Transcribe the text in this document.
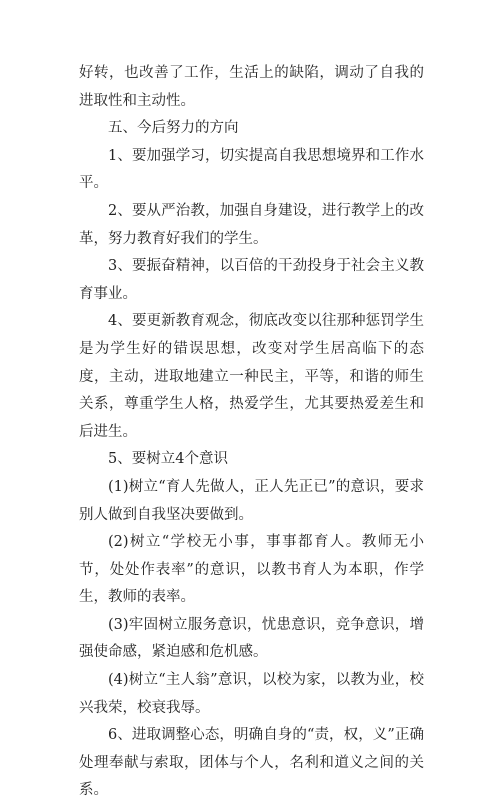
好转，也改善了工作，生活上的缺陷，调动了自我的进取性和主动性。

五、今后努力的方向

1、要加强学习，切实提高自我思想境界和工作水平。

2、要从严治教，加强自身建设，进行教学上的改革，努力教育好我们的学生。

3、要振奋精神，以百倍的干劲投身于社会主义教育事业。

4、要更新教育观念，彻底改变以往那种惩罚学生是为学生好的错误思想，改变对学生居高临下的态度，主动，进取地建立一种民主，平等，和谐的师生关系，尊重学生人格，热爱学生，尤其要热爱差生和后进生。

5、要树立4个意识

(1)树立“育人先做人，正人先正已”的意识，要求别人做到自我坚决要做到。

(2)树立“学校无小事，事事都育人。教师无小节，处处作表率”的意识，以教书育人为本职，作学生，教师的表率。

(3)牢固树立服务意识，忧患意识，竞争意识，增强使命感，紧迫感和危机感。

(4)树立“主人翁”意识，以校为家，以教为业，校兴我荣，校衰我辱。

6、进取调整心态，明确自身的“责，权，义”正确处理奉献与索取，团体与个人，名利和道义之间的关系。
